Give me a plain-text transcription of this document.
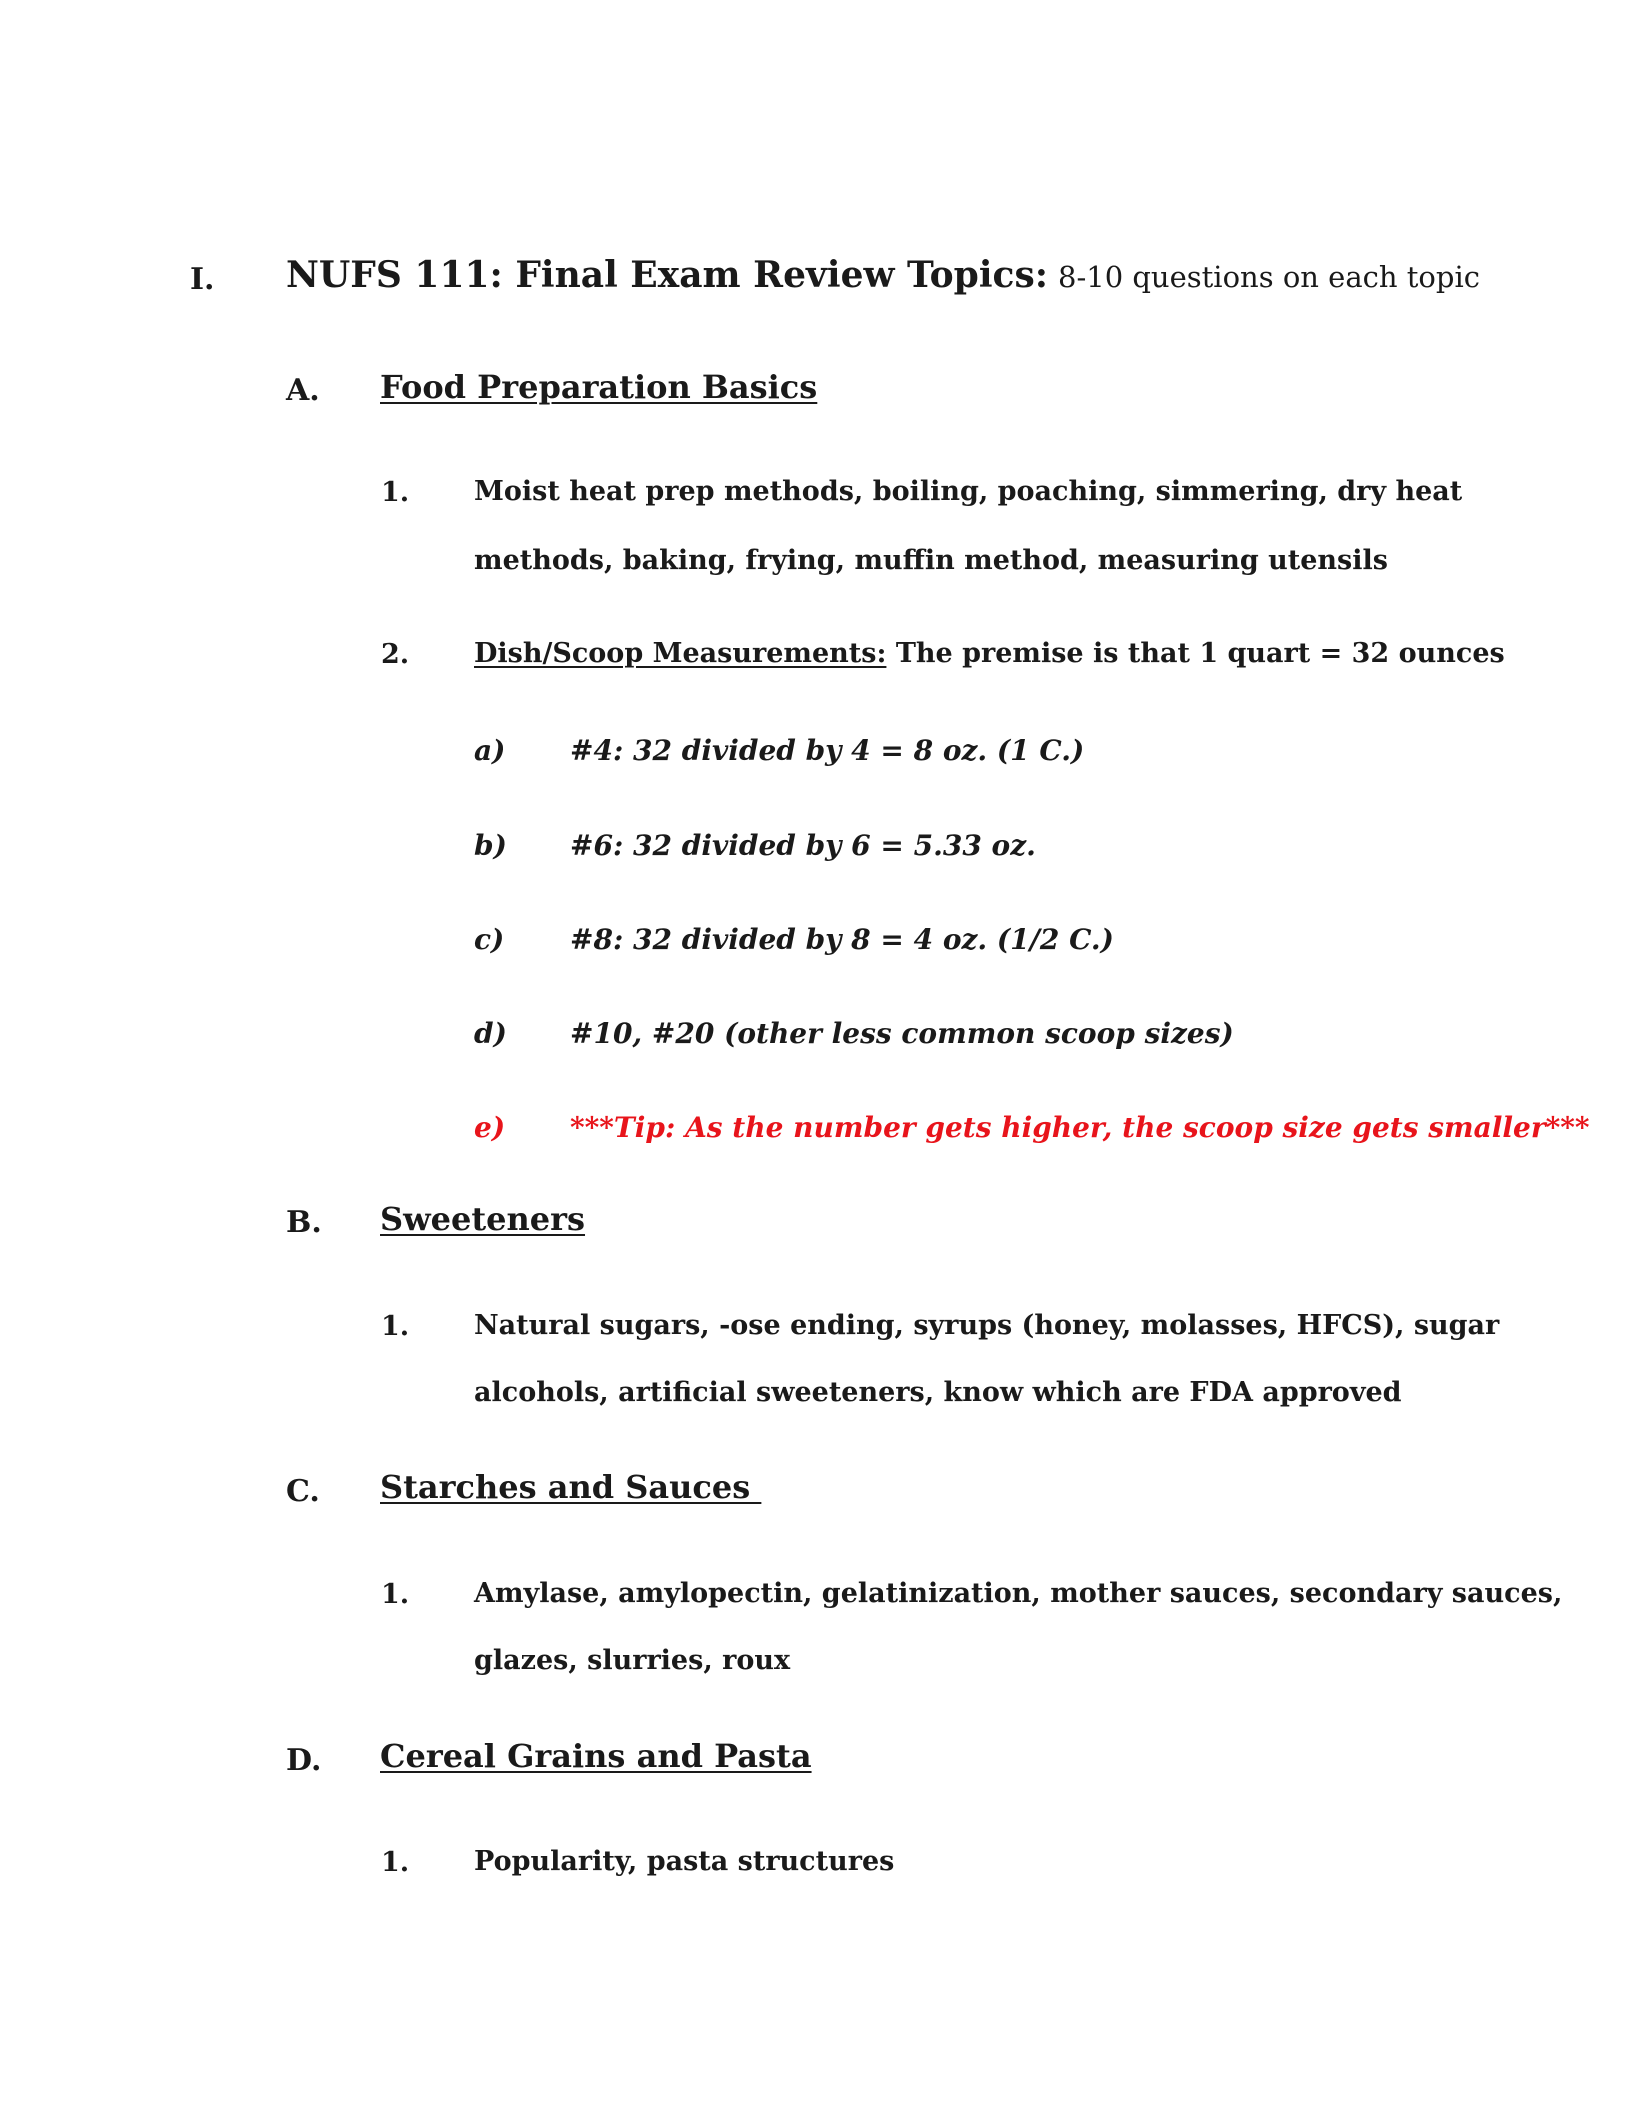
I. NUFS 111: Final Exam Review Topics: 8-10 questions on each topic
A. Food Preparation Basics
1. Moist heat prep methods, boiling, poaching, simmering, dry heat
methods, baking, frying, muffin method, measuring utensils
2. Dish/Scoop Measurements: The premise is that 1 quart = 32 ounces
a) #4: 32 divided by 4 = 8 oz. (1 C.)
b) #6: 32 divided by 6 = 5.33 oz.
c) #8: 32 divided by 8 = 4 oz. (1/2 C.)
d) #10, #20 (other less common scoop sizes)
e) ***Tip: As the number gets higher, the scoop size gets smaller***
B. Sweeteners
1. Natural sugars, -ose ending, syrups (honey, molasses, HFCS), sugar
alcohols, artificial sweeteners, know which are FDA approved
C. Starches and Sauces
1. Amylase, amylopectin, gelatinization, mother sauces, secondary sauces,
glazes, slurries, roux
D. Cereal Grains and Pasta
1. Popularity, pasta structures
